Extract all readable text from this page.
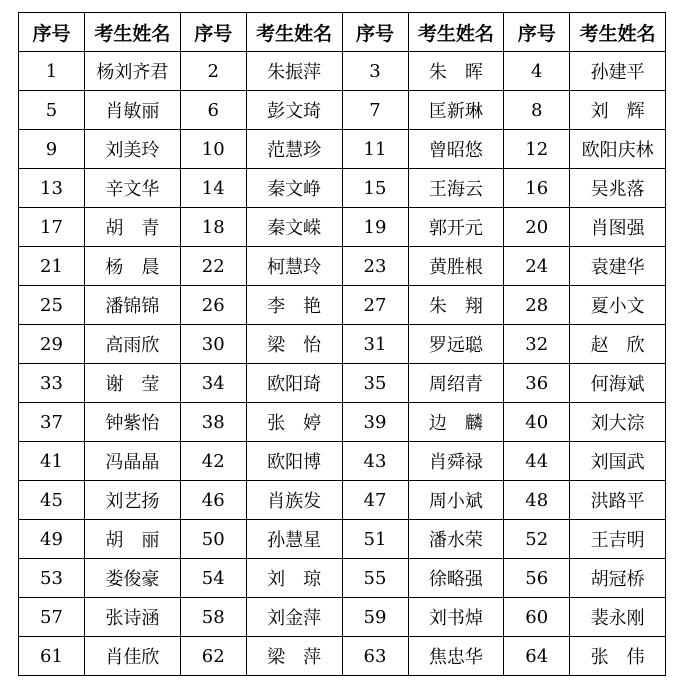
序号	考生姓名	序号	考生姓名	序号	考生姓名	序号	考生姓名
1	杨刘齐君	2	朱振萍	3	朱　晖	4	孙建平
5	肖敏丽	6	彭文琦	7	匡新琳	8	刘　辉
9	刘美玲	10	范慧珍	11	曾昭悠	12	欧阳庆林
13	辛文华	14	秦文峥	15	王海云	16	吴兆落
17	胡　青	18	秦文嵘	19	郭开元	20	肖图强
21	杨　晨	22	柯慧玲	23	黄胜根	24	袁建华
25	潘锦锦	26	李　艳	27	朱　翔	28	夏小文
29	高雨欣	30	梁　怡	31	罗远聪	32	赵　欣
33	谢　莹	34	欧阳琦	35	周绍青	36	何海斌
37	钟紫怡	38	张　婷	39	边　麟	40	刘大淙
41	冯晶晶	42	欧阳博	43	肖舜禄	44	刘国武
45	刘艺扬	46	肖族发	47	周小斌	48	洪路平
49	胡　丽	50	孙慧星	51	潘水荣	52	王吉明
53	娄俊豪	54	刘　琼	55	徐略强	56	胡冠桥
57	张诗涵	58	刘金萍	59	刘书焯	60	裴永刚
61	肖佳欣	62	梁　萍	63	焦忠华	64	张　伟
